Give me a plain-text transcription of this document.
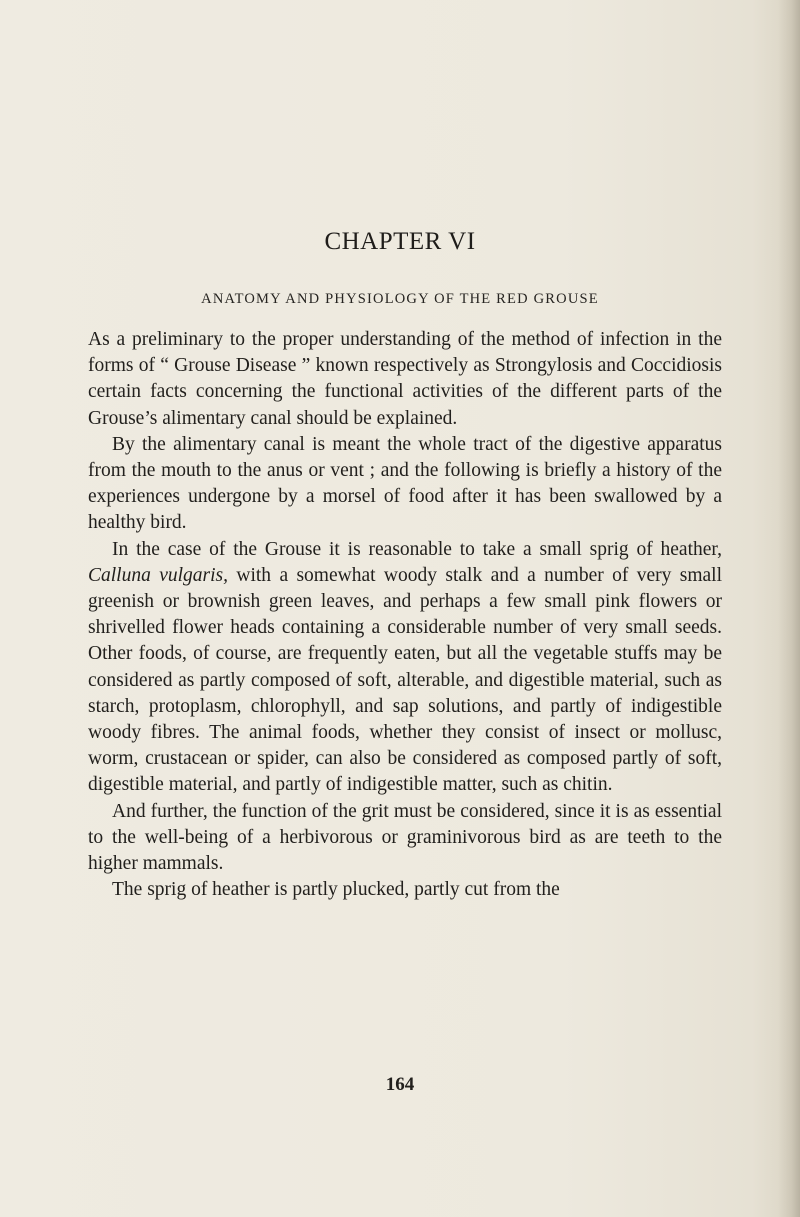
CHAPTER VI
ANATOMY AND PHYSIOLOGY OF THE RED GROUSE

As a preliminary to the proper understanding of the method of infection in the forms of “ Grouse Disease ” known respectively as Strongylosis and Coccidiosis certain facts concerning the functional activities of the different parts of the Grouse’s alimentary canal should be explained.

By the alimentary canal is meant the whole tract of the digestive apparatus from the mouth to the anus or vent ; and the following is briefly a history of the experiences undergone by a morsel of food after it has been swallowed by a healthy bird.

In the case of the Grouse it is reasonable to take a small sprig of heather, Calluna vulgaris, with a somewhat woody stalk and a number of very small greenish or brownish green leaves, and perhaps a few small pink flowers or shrivelled flower heads containing a considerable number of very small seeds. Other foods, of course, are frequently eaten, but all the vegetable stuffs may be considered as partly composed of soft, alterable, and digestible material, such as starch, protoplasm, chlorophyll, and sap solutions, and partly of indigestible woody fibres. The animal foods, whether they consist of insect or mollusc, worm, crustacean or spider, can also be considered as composed partly of soft, digestible material, and partly of indigestible matter, such as chitin.

And further, the function of the grit must be considered, since it is as essential to the well-being of a herbivorous or graminivorous bird as are teeth to the higher mammals.

The sprig of heather is partly plucked, partly cut from the

164
